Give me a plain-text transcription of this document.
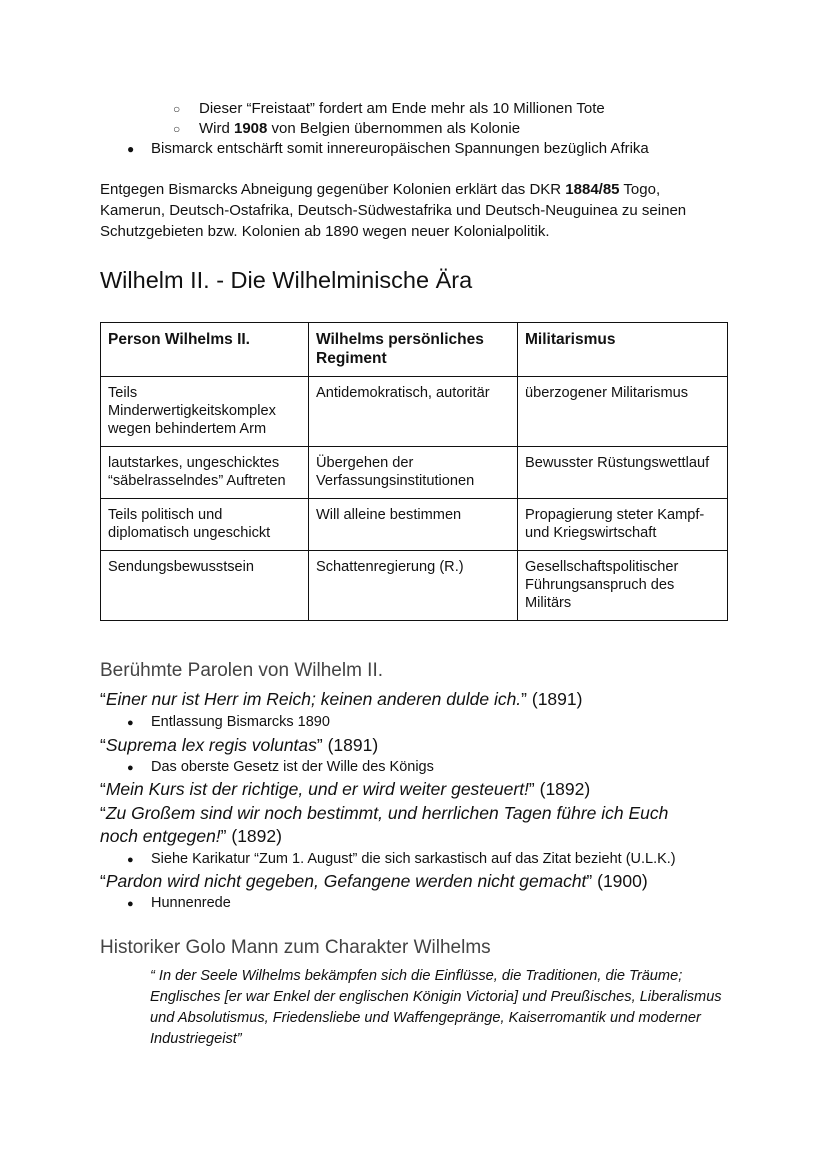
○ Dieser “Freistaat” fordert am Ende mehr als 10 Millionen Tote
○ Wird 1908 von Belgien übernommen als Kolonie
● Bismarck entschärft somit innereuropäischen Spannungen bezüglich Afrika
Entgegen Bismarcks Abneigung gegenüber Kolonien erklärt das DKR 1884/85 Togo, Kamerun, Deutsch-Ostafrika, Deutsch-Südwestafrika und Deutsch-Neuguinea zu seinen Schutzgebieten bzw. Kolonien ab 1890 wegen neuer Kolonialpolitik.
Wilhelm II. - Die Wilhelminische Ära
Person Wilhelms II.	Wilhelms persönliches Regiment	Militarismus
Teils Minderwertigkeitskomplex wegen behindertem Arm	Antidemokratisch, autoritär	überzogener Militarismus
lautstarkes, ungeschicktes “säbelrasselndes” Auftreten	Übergehen der Verfassungsinstitutionen	Bewusster Rüstungswettlauf
Teils politisch und diplomatisch ungeschickt	Will alleine bestimmen	Propagierung steter Kampf- und Kriegswirtschaft
Sendungsbewusstsein	Schattenregierung (R.)	Gesellschaftspolitischer Führungsanspruch des Militärs
Berühmte Parolen von Wilhelm II.
“Einer nur ist Herr im Reich; keinen anderen dulde ich.” (1891)
● Entlassung Bismarcks 1890
“Suprema lex regis voluntas” (1891)
● Das oberste Gesetz ist der Wille des Königs
“Mein Kurs ist der richtige, und er wird weiter gesteuert!” (1892)
“Zu Großem sind wir noch bestimmt, und herrlichen Tagen führe ich Euch
noch entgegen!” (1892)
● Siehe Karikatur “Zum 1. August” die sich sarkastisch auf das Zitat bezieht (U.L.K.)
“Pardon wird nicht gegeben, Gefangene werden nicht gemacht” (1900)
● Hunnenrede
Historiker Golo Mann zum Charakter Wilhelms
“ In der Seele Wilhelms bekämpfen sich die Einflüsse, die Traditionen, die Träume; Englisches [er war Enkel der englischen Königin Victoria] und Preußisches, Liberalismus und Absolutismus, Friedensliebe und Waffengepränge, Kaiserromantik und moderner Industriegeist”
